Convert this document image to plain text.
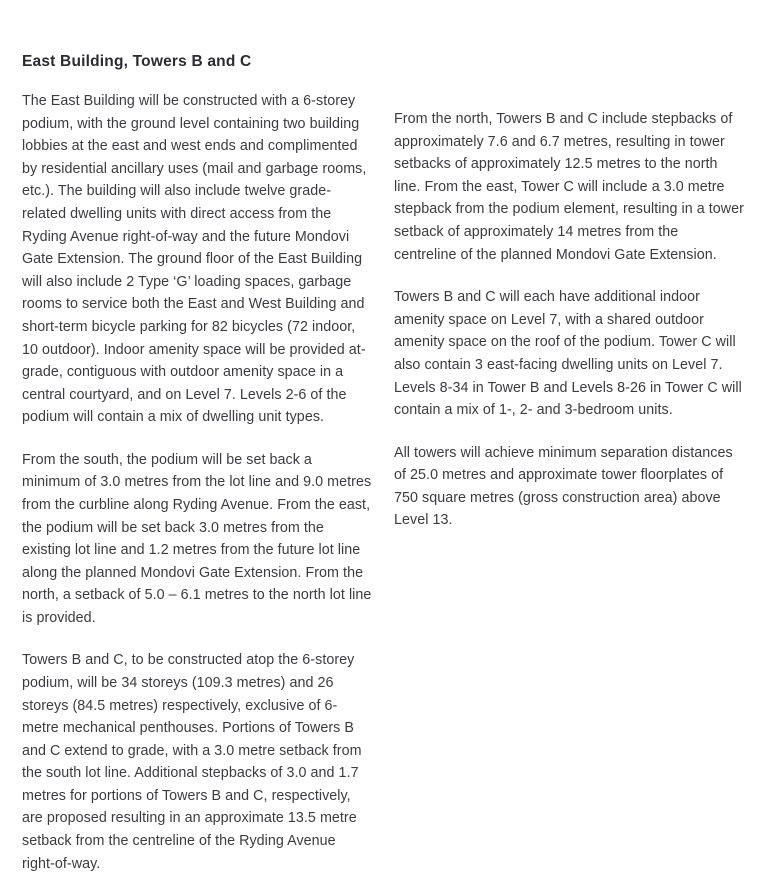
East Building, Towers B and C

The East Building will be constructed with a 6-storey podium, with the ground level containing two building lobbies at the east and west ends and complimented by residential ancillary uses (mail and garbage rooms, etc.). The building will also include twelve grade-related dwelling units with direct access from the Ryding Avenue right-of-way and the future Mondovi Gate Extension. The ground floor of the East Building will also include 2 Type ‘G’ loading spaces, garbage rooms to service both the East and West Building and short-term bicycle parking for 82 bicycles (72 indoor, 10 outdoor). Indoor amenity space will be provided at-grade, contiguous with outdoor amenity space in a central courtyard, and on Level 7. Levels 2-6 of the podium will contain a mix of dwelling unit types.

From the south, the podium will be set back a minimum of 3.0 metres from the lot line and 9.0 metres from the curbline along Ryding Avenue. From the east, the podium will be set back 3.0 metres from the existing lot line and 1.2 metres from the future lot line along the planned Mondovi Gate Extension. From the north, a setback of 5.0 – 6.1 metres to the north lot line is provided.

Towers B and C, to be constructed atop the 6-storey podium, will be 34 storeys (109.3 metres) and 26 storeys (84.5 metres) respectively, exclusive of 6-metre mechanical penthouses. Portions of Towers B and C extend to grade, with a 3.0 metre setback from the south lot line. Additional stepbacks of 3.0 and 1.7 metres for portions of Towers B and C, respectively, are proposed resulting in an approximate 13.5 metre setback from the centreline of the Ryding Avenue right-of-way.

From the north, Towers B and C include stepbacks of approximately 7.6 and 6.7 metres, resulting in tower setbacks of approximately 12.5 metres to the north line. From the east, Tower C will include a 3.0 metre stepback from the podium element, resulting in a tower setback of approximately 14 metres from the centreline of the planned Mondovi Gate Extension.

Towers B and C will each have additional indoor amenity space on Level 7, with a shared outdoor amenity space on the roof of the podium. Tower C will also contain 3 east-facing dwelling units on Level 7. Levels 8-34 in Tower B and Levels 8-26 in Tower C will contain a mix of 1-, 2- and 3-bedroom units.

All towers will achieve minimum separation distances of 25.0 metres and approximate tower floorplates of 750 square metres (gross construction area) above Level 13.
